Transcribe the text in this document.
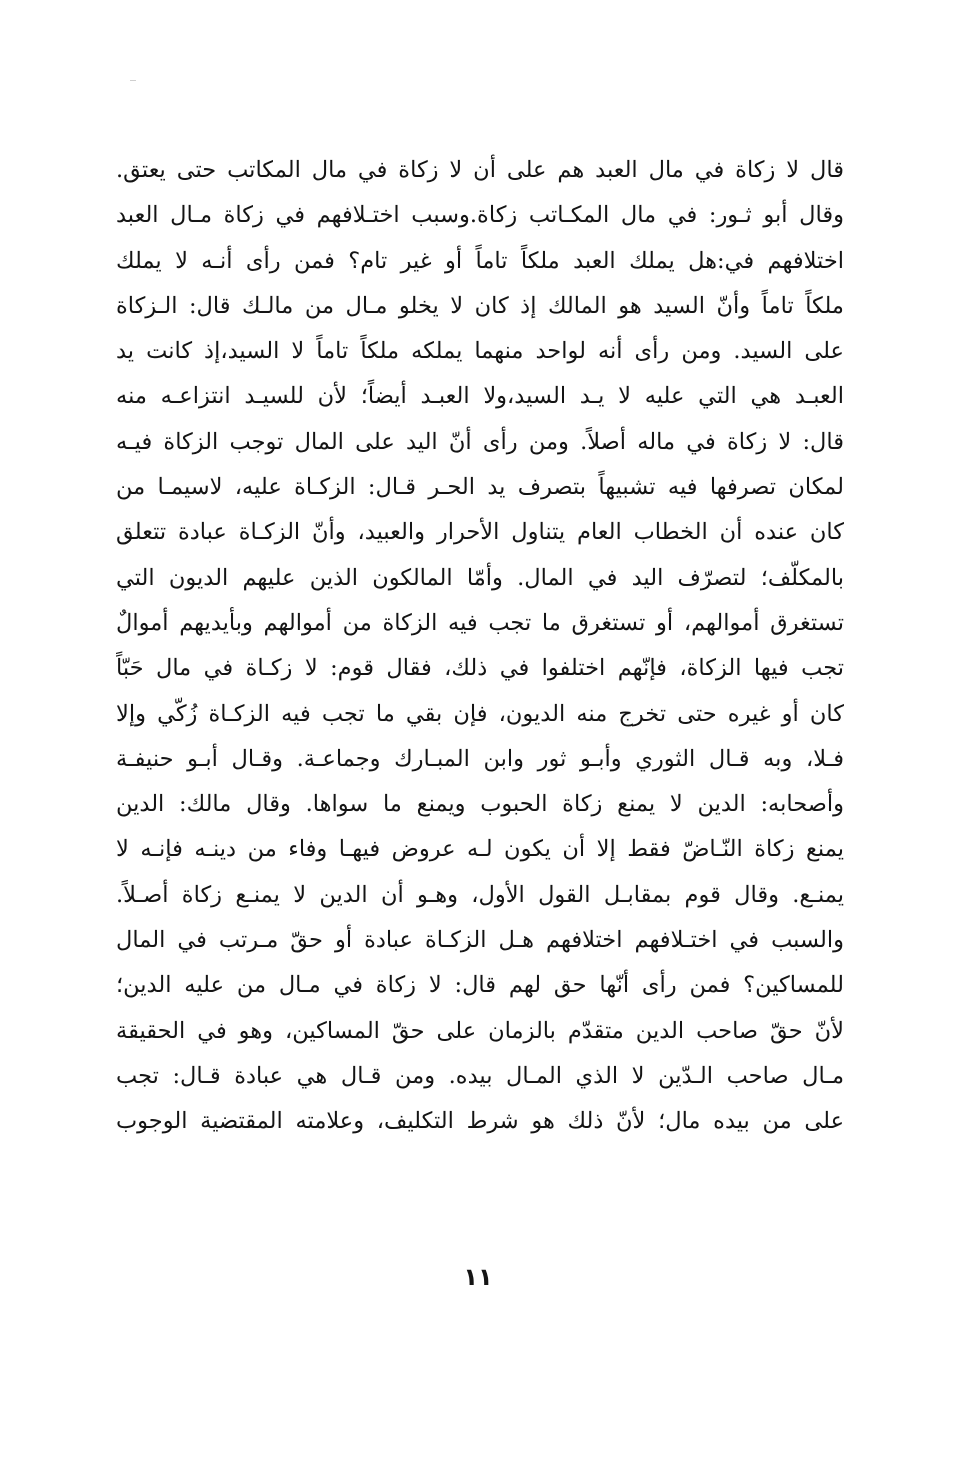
قال لا زكاة في مال العبد هم على أن لا زكاة في مال المكاتب حتى يعتق.
وقال أبو ثـور: في مال المكـاتب زكاة.وسبب اختـلافهم في زكاة مـال العبد
اختلافهم في:هل يملك العبد ملكاً تاماً أو غير تام؟ فمن رأى أنـه لا يملك
ملكاً تاماً وأنّ السيد هو المالك إذ كان لا يخلو مـال من مالـك قال: الـزكاة
على السيد. ومن رأى أنه لواحد منهما يملكه ملكاً تاماً لا السيد،إذ كانت يد
العبـد هي التي عليه لا يـد السيد،ولا العبـد أيضاً؛ لأن للسيـد انتزاعـه منه
قال: لا زكاة في ماله أصلاً. ومن رأى أنّ اليد على المال توجب الزكاة فيـه
لمكان تصرفها فيه تشبيهاً بتصرف يد الحـر قـال: الزكـاة عليه، لاسيمـا من
كان عنده أن الخطاب العام يتناول الأحرار والعبيد، وأنّ الزكـاة عبادة تتعلق
بالمكلّف؛ لتصرّف اليد في المال. وأمّا المالكون الذين عليهم الديون التي
تستغرق أموالهم، أو تستغرق ما تجب فيه الزكاة من أموالهم وبأيديهم أموالٌ
تجب فيها الزكاة، فإنّهم اختلفوا في ذلك، فقال قوم: لا زكـاة في مال حَبّاً
كان أو غيره حتى تخرج منه الديون، فإن بقي ما تجب فيه الزكـاة زُكّي وإلا
فـلا، وبه قـال الثوري وأبـو ثور وابن المبـارك وجماعـة. وقـال أبـو حنيفـة
وأصحابه: الدين لا يمنع زكاة الحبوب ويمنع ما سواها. وقال مالك: الدين
يمنع زكاة النّـاضّ فقط إلا أن يكون لـه عروض فيهـا وفاء من دينـه فإنـه لا
يمنـع. وقال قوم بمقابـل القول الأول، وهـو أن الدين لا يمنـع زكاة أصـلاً.
والسبب في اختـلافهم اختلافهم هـل الزكـاة عبادة أو حقّ مـرتب في المال
للمساكين؟ فمن رأى أنّها حق لهم قال: لا زكاة في مـال من عليه الدين؛
لأنّ حقّ صاحب الدين متقدّم بالزمان على حقّ المساكين، وهو في الحقيقة
مـال صاحب الـدّين لا الذي المـال بيده. ومن قـال هي عبادة قـال: تجب
على من بيده مال؛ لأنّ ذلك هو شرط التكليف، وعلامته المقتضية الوجوب
١١
